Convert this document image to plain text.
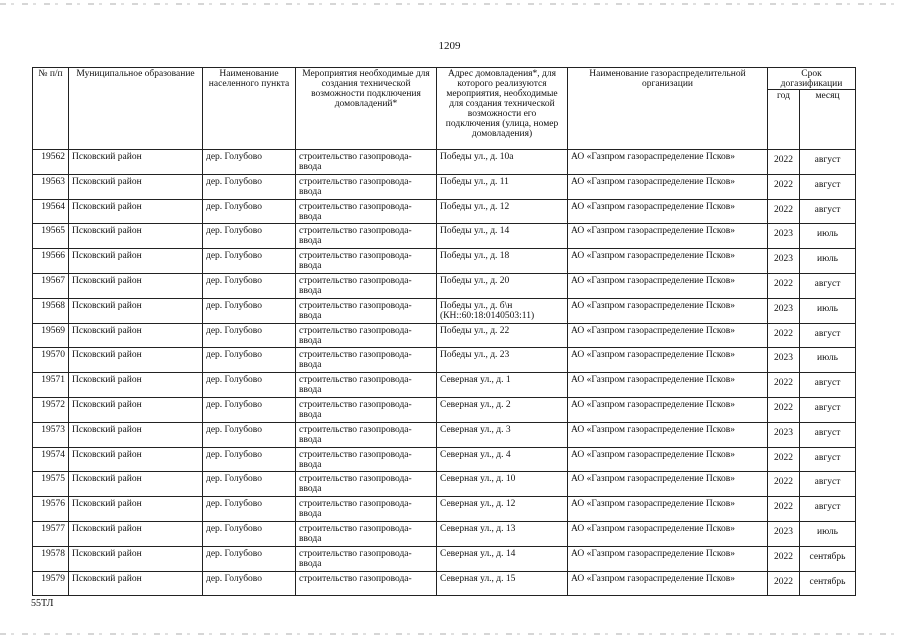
1209
№ п/п	Муниципальное образование	Наименование населенного пункта	Мероприятия необходимые для создания технической возможности подключения домовладений*	Адрес домовладения*, для которого реализуются мероприятия, необходимые для создания технической возможности его подключения (улица, номер домовладения)	Наименование газораспределительной организации	Срок догазификации	
						год	месяц
19562	Псковский район	дер. Голубово	строительство газопровода-ввода	Победы ул., д. 10а	АО «Газпром газораспределение Псков»	2022	август
19563	Псковский район	дер. Голубово	строительство газопровода-ввода	Победы ул., д. 11	АО «Газпром газораспределение Псков»	2022	август
19564	Псковский район	дер. Голубово	строительство газопровода-ввода	Победы ул., д. 12	АО «Газпром газораспределение Псков»	2022	август
19565	Псковский район	дер. Голубово	строительство газопровода-ввода	Победы ул., д. 14	АО «Газпром газораспределение Псков»	2023	июль
19566	Псковский район	дер. Голубово	строительство газопровода-ввода	Победы ул., д. 18	АО «Газпром газораспределение Псков»	2023	июль
19567	Псковский район	дер. Голубово	строительство газопровода-ввода	Победы ул., д. 20	АО «Газпром газораспределение Псков»	2022	август
19568	Псковский район	дер. Голубово	строительство газопровода-ввода	Победы ул., д. б\н (КН::60:18:0140503:11)	АО «Газпром газораспределение Псков»	2023	июль
19569	Псковский район	дер. Голубово	строительство газопровода-ввода	Победы ул., д. 22	АО «Газпром газораспределение Псков»	2022	август
19570	Псковский район	дер. Голубово	строительство газопровода-ввода	Победы ул., д. 23	АО «Газпром газораспределение Псков»	2023	июль
19571	Псковский район	дер. Голубово	строительство газопровода-ввода	Северная ул., д. 1	АО «Газпром газораспределение Псков»	2022	август
19572	Псковский район	дер. Голубово	строительство газопровода-ввода	Северная ул., д. 2	АО «Газпром газораспределение Псков»	2022	август
19573	Псковский район	дер. Голубово	строительство газопровода-ввода	Северная ул., д. 3	АО «Газпром газораспределение Псков»	2023	август
19574	Псковский район	дер. Голубово	строительство газопровода-ввода	Северная ул., д. 4	АО «Газпром газораспределение Псков»	2022	август
19575	Псковский район	дер. Голубово	строительство газопровода-ввода	Северная ул., д. 10	АО «Газпром газораспределение Псков»	2022	август
19576	Псковский район	дер. Голубово	строительство газопровода-ввода	Северная ул., д. 12	АО «Газпром газораспределение Псков»	2022	август
19577	Псковский район	дер. Голубово	строительство газопровода-ввода	Северная ул., д. 13	АО «Газпром газораспределение Псков»	2023	июль
19578	Псковский район	дер. Голубово	строительство газопровода-ввода	Северная ул., д. 14	АО «Газпром газораспределение Псков»	2022	сентябрь
19579	Псковский район	дер. Голубово	строительство газопровода-	Северная ул., д. 15	АО «Газпром газораспределение Псков»	2022	сентябрь
55ТЛ
